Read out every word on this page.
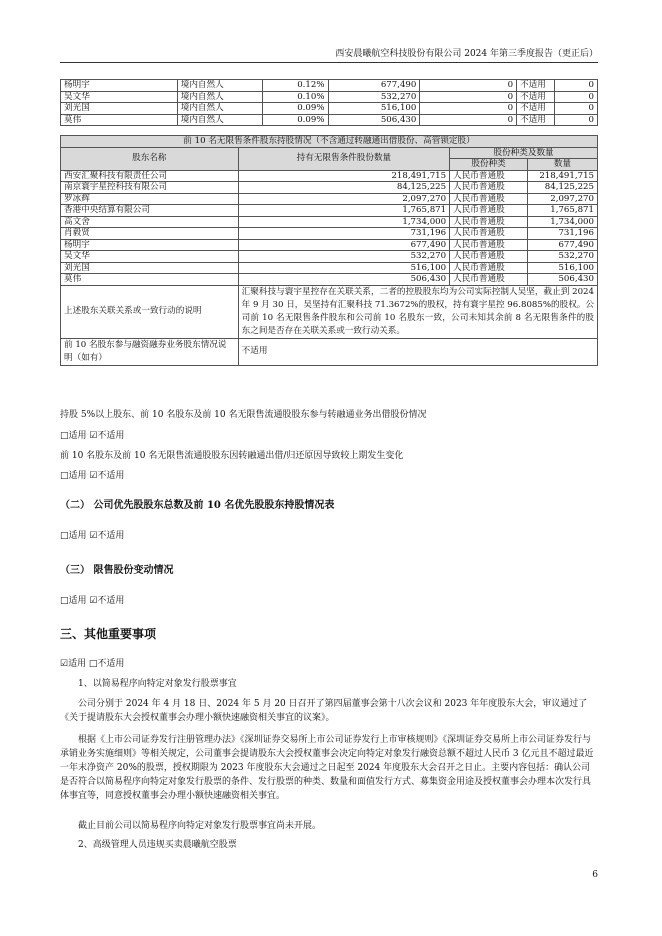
西安晨曦航空科技股份有限公司 2024 年第三季度报告（更正后）
杨明宇	境内自然人	0.12%	677,490	0	不适用	0
吴文华	境内自然人	0.10%	532,270	0	不适用	0
刘光国	境内自然人	0.09%	516,100	0	不适用	0
莫伟	境内自然人	0.09%	506,430	0	不适用	0
前 10 名无限售条件股东持股情况（不含通过转融通出借股份、高管锁定股）			
股东名称	持有无限售条件股份数量	股份种类及数量	
		股份种类	数量
西安汇聚科技有限责任公司	218,491,715	人民币普通股	218,491,715
南京寰宇星控科技有限公司	84,125,225	人民币普通股	84,125,225
罗冰辉	2,097,270	人民币普通股	2,097,270
香港中央结算有限公司	1,765,871	人民币普通股	1,765,871
高文舍	1,734,000	人民币普通股	1,734,000
肖毅贤	731,196	人民币普通股	731,196
杨明宇	677,490	人民币普通股	677,490
吴文华	532,270	人民币普通股	532,270
刘光国	516,100	人民币普通股	516,100
莫伟	506,430	人民币普通股	506,430
上述股东关联关系或一致行动的说明	汇聚科技与寰宇星控存在关联关系，二者的控股股东均为公司实际控制人吴坚，截止到 2024 年 9 月 30 日，吴坚持有汇聚科技 71.3672%的股权，持有寰宇星控 96.8085%的股权。公司前 10 名无限售条件股东和公司前 10 名股东一致，公司未知其余前 8 名无限售条件的股东之间是否存在关联关系或一致行动关系。		
前 10 名股东参与融资融券业务股东情况说明（如有）	不适用		
持股 5%以上股东、前 10 名股东及前 10 名无限售流通股股东参与转融通业务出借股份情况
□适用 ☑不适用
前 10 名股东及前 10 名无限售流通股股东因转融通出借/归还原因导致较上期发生变化
□适用 ☑不适用
（二） 公司优先股股东总数及前 10 名优先股股东持股情况表
□适用 ☑不适用
（三） 限售股份变动情况
□适用 ☑不适用
三、其他重要事项
☑适用 □不适用
1、以简易程序向特定对象发行股票事宜
公司分别于 2024 年 4 月 18 日、2024 年 5 月 20 日召开了第四届董事会第十八次会议和 2023 年年度股东大会，审议通过了《关于提请股东大会授权董事会办理小额快速融资相关事宜的议案》。
根据《上市公司证券发行注册管理办法》《深圳证券交易所上市公司证券发行上市审核规则》《深圳证券交易所上市公司证券发行与承销业务实施细则》等相关规定，公司董事会提请股东大会授权董事会决定向特定对象发行融资总额不超过人民币 3 亿元且不超过最近一年末净资产 20%的股票，授权期限为 2023 年度股东大会通过之日起至 2024 年度股东大会召开之日止。主要内容包括：确认公司是否符合以简易程序向特定对象发行股票的条件、发行股票的种类、数量和面值发行方式、募集资金用途及授权董事会办理本次发行具体事宜等，同意授权董事会办理小额快速融资相关事宜。
截止目前公司以简易程序向特定对象发行股票事宜尚未开展。
2、高级管理人员违规买卖晨曦航空股票
6
